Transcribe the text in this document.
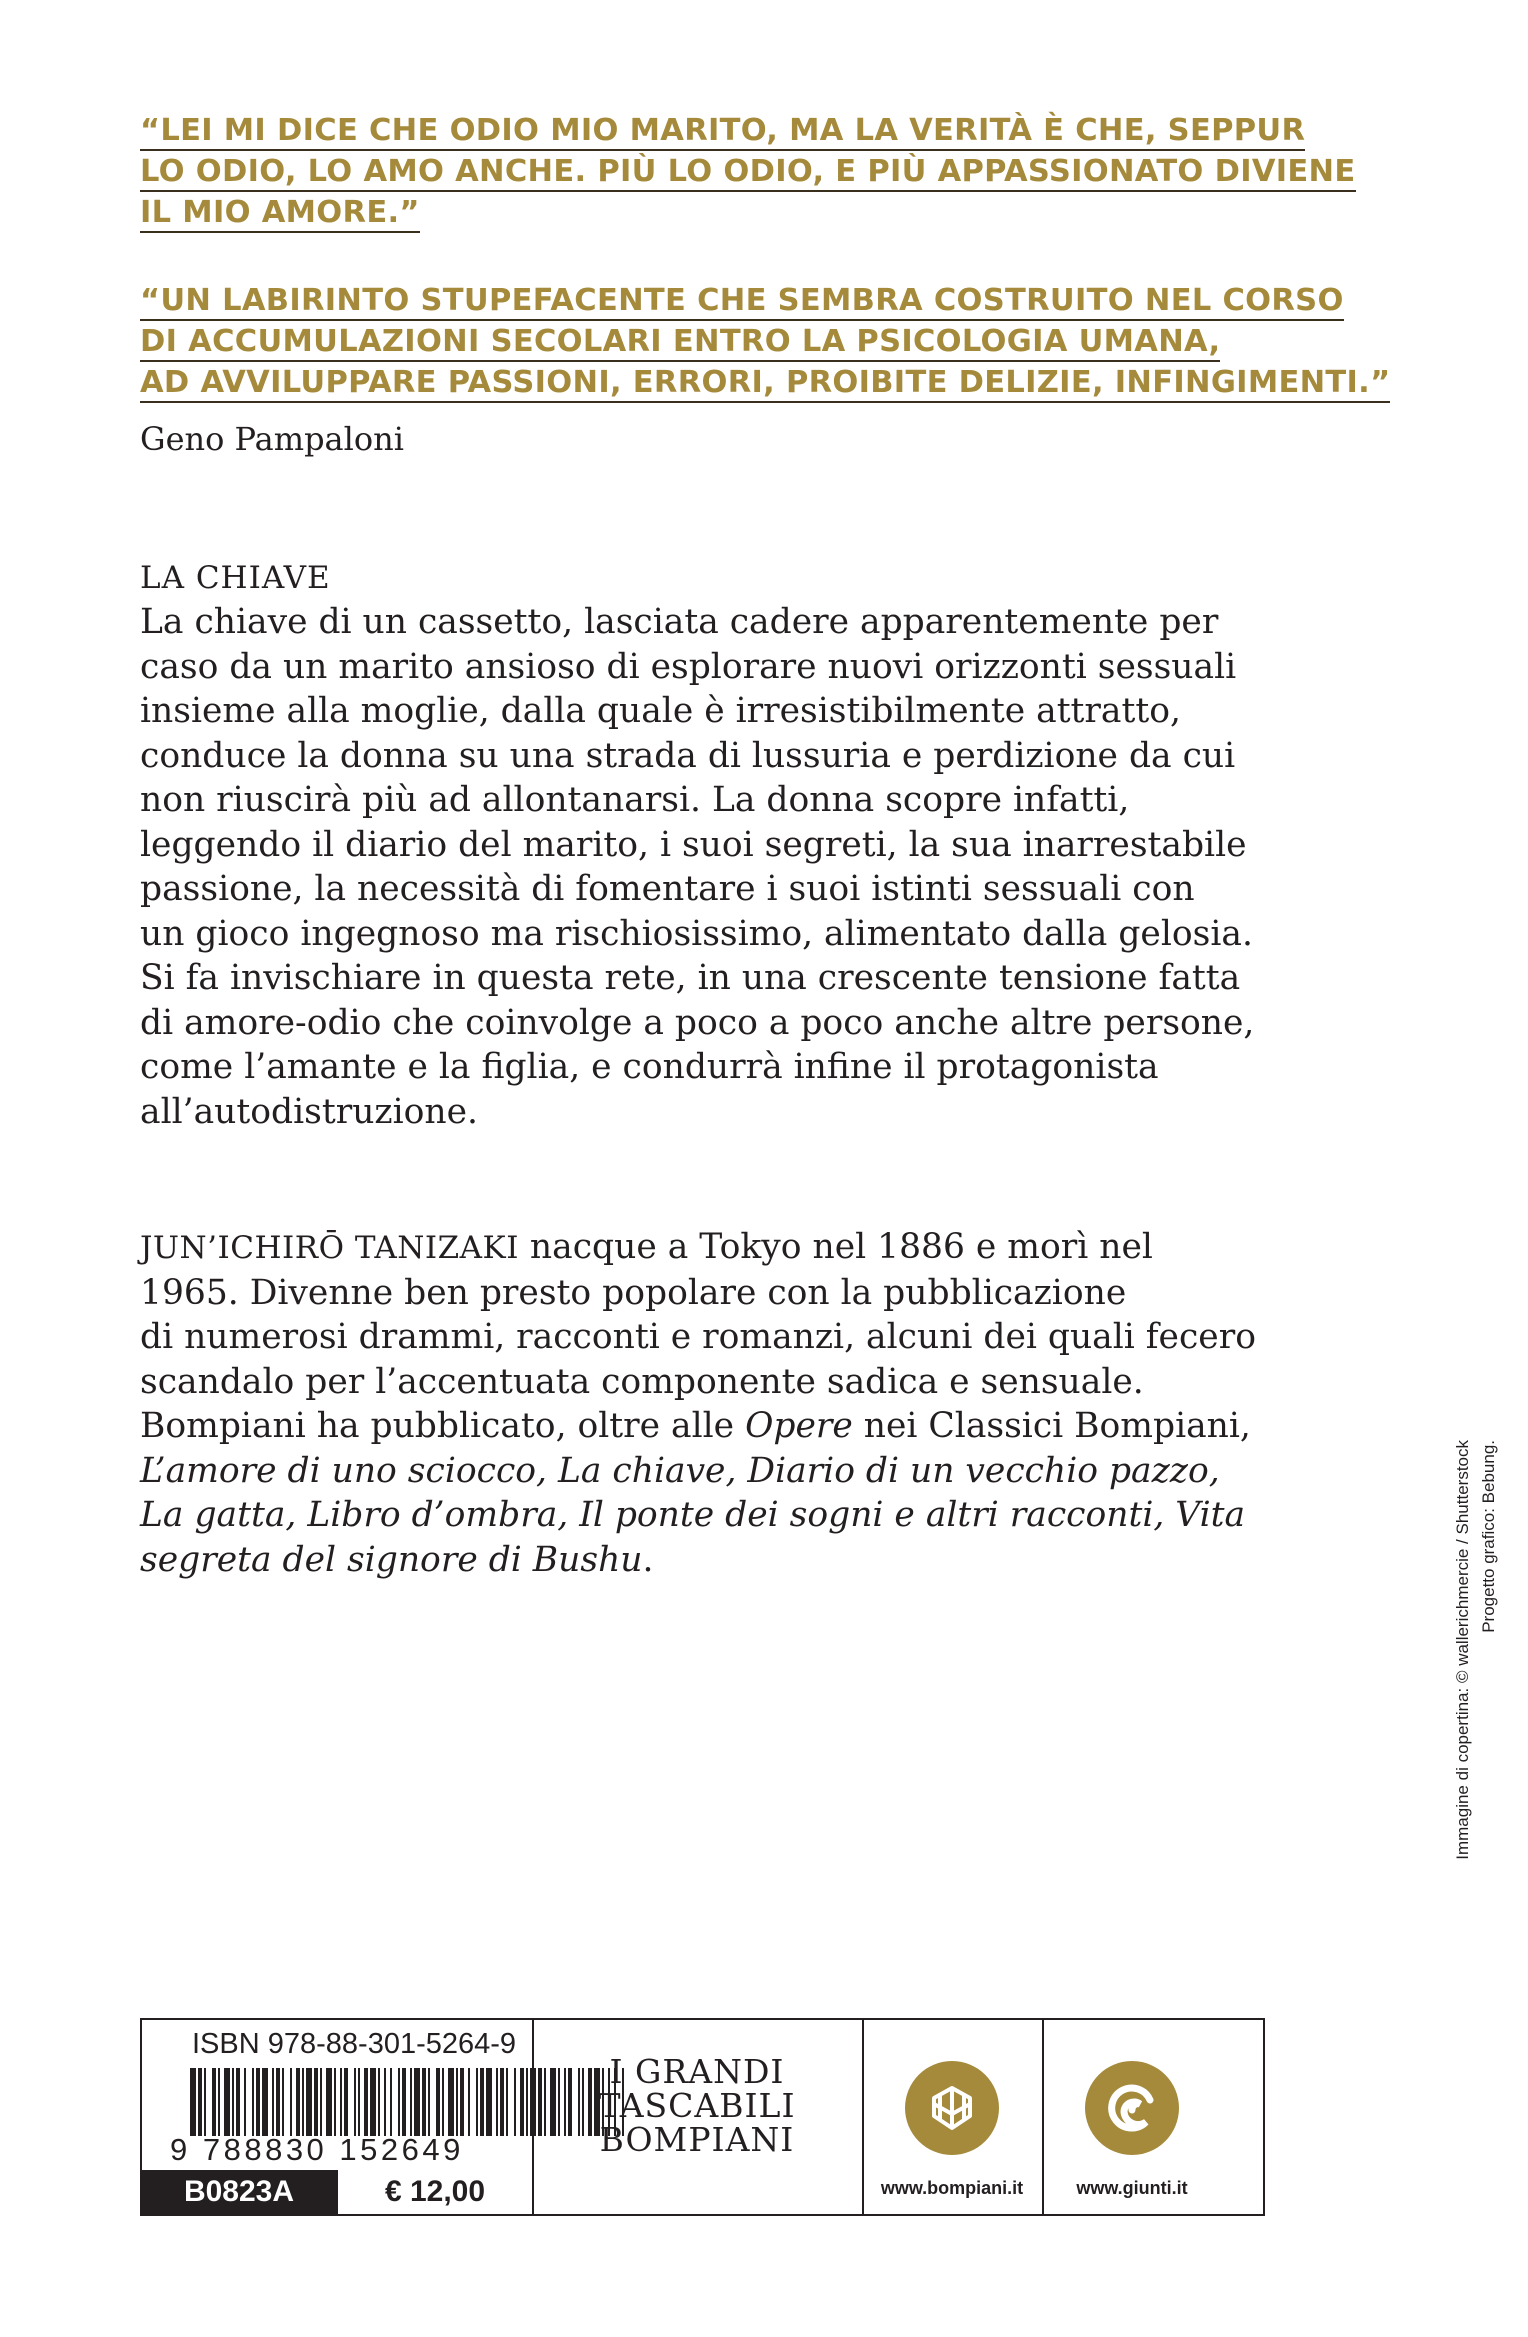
“LEI MI DICE CHE ODIO MIO MARITO, MA LA VERITÀ È CHE, SEPPUR
LO ODIO, LO AMO ANCHE. PIÙ LO ODIO, E PIÙ APPASSIONATO DIVIENE
IL MIO AMORE.”
“UN LABIRINTO STUPEFACENTE CHE SEMBRA COSTRUITO NEL CORSO
DI ACCUMULAZIONI SECOLARI ENTRO LA PSICOLOGIA UMANA,
AD AVVILUPPARE PASSIONI, ERRORI, PROIBITE DELIZIE, INFINGIMENTI.”
Geno Pampaloni
LA CHIAVE
La chiave di un cassetto, lasciata cadere apparentemente per
caso da un marito ansioso di esplorare nuovi orizzonti sessuali
insieme alla moglie, dalla quale è irresistibilmente attratto,
conduce la donna su una strada di lussuria e perdizione da cui
non riuscirà più ad allontanarsi. La donna scopre infatti,
leggendo il diario del marito, i suoi segreti, la sua inarrestabile
passione, la necessità di fomentare i suoi istinti sessuali con
un gioco ingegnoso ma rischiosissimo, alimentato dalla gelosia.
Si fa invischiare in questa rete, in una crescente tensione fatta
di amore-odio che coinvolge a poco a poco anche altre persone,
come l’amante e la figlia, e condurrà infine il protagonista
all’autodistruzione.
JUN’ICHIRŌ TANIZAKI nacque a Tokyo nel 1886 e morì nel
1965. Divenne ben presto popolare con la pubblicazione
di numerosi drammi, racconti e romanzi, alcuni dei quali fecero
scandalo per l’accentuata componente sadica e sensuale.
Bompiani ha pubblicato, oltre alle Opere nei Classici Bompiani,
L’amore di uno sciocco, La chiave, Diario di un vecchio pazzo,
La gatta, Libro d’ombra, Il ponte dei sogni e altri racconti, Vita
segreta del signore di Bushu.	Immagine di copertina: © wallerichmercie / Shutterstock Progetto grafico: Bebung.
ISBN 978-88-301-5264-9
9 788830 152649
B0823A	€ 12,00
I GRANDI
TASCABILI
BOMPIANI
www.bompiani.it	www.giunti.it
